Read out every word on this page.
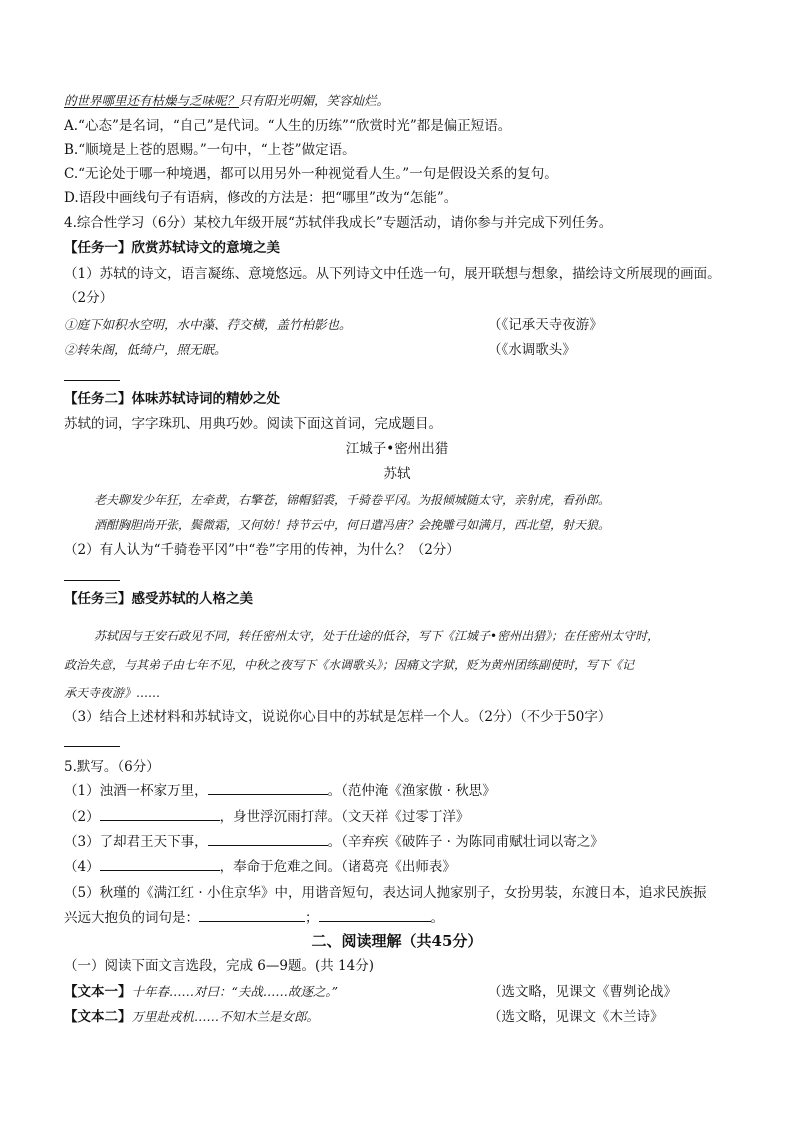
的世界哪里还有枯燥与乏味呢？只有阳光明媚，笑容灿烂。
A.“心态”是名词，“自己”是代词。“人生的历练”“欣赏时光”都是偏正短语。
B.“顺境是上苍的恩赐。”一句中，“上苍”做定语。
C.“无论处于哪一种境遇，都可以用另外一种视觉看人生。”一句是假设关系的复句。
D.语段中画线句子有语病，修改的方法是：把“哪里”改为“怎能”。
4.综合性学习（6分）某校九年级开展“苏轼伴我成长”专题活动，请你参与并完成下列任务。
【任务一】欣赏苏轼诗文的意境之美
（1）苏轼的诗文，语言凝练、意境悠远。从下列诗文中任选一句，展开联想与想象，描绘诗文所展现的画面。
（2分）
①庭下如积水空明，水中藻、荇交横，盖竹柏影也。	（《记承天寺夜游》
②转朱阁，低绮户，照无眠。	（《水调歌头》
【任务二】体味苏轼诗词的精妙之处
苏轼的词，字字珠玑、用典巧妙。阅读下面这首词，完成题目。
江城子•密州出猎
苏轼
老夫聊发少年狂，左牵黄，右擎苍，锦帽貂裘，千骑卷平冈。为报倾城随太守，亲射虎，看孙郎。
酒酣胸胆尚开张，鬓微霜，又何妨！持节云中，何日遣冯唐？会挽雕弓如满月，西北望，射天狼。
（2）有人认为“千骑卷平冈”中“卷”字用的传神，为什么？（2分）
【任务三】感受苏轼的人格之美
苏轼因与王安石政见不同，转任密州太守，处于仕途的低谷，写下《江城子•密州出猎》；在任密州太守时，
政治失意，与其弟子由七年不见，中秋之夜写下《水调歌头》；因痛文字狱，贬为黄州团练副使时，写下《记
承天寺夜游》……
（3）结合上述材料和苏轼诗文，说说你心目中的苏轼是怎样一个人。（2分）（不少于50字）
5.默写。（6分）
（1）浊酒一杯家万里，	。（范仲淹《渔家傲 · 秋思》
（2）	，身世浮沉雨打萍。（文天祥《过零丁洋》
（3）了却君王天下事，	。（辛弃疾《破阵子 · 为陈同甫赋壮词以寄之》
（4）	，奉命于危难之间。（诸葛亮《出师表》
（5）秋瑾的《满江红 · 小住京华》中，用谐音短句，表达词人抛家别子，女扮男装，东渡日本，追求民族振
兴远大抱负的词句是：	；	。
二、阅读理解（共45分）
（一）阅读下面文言选段，完成 6—9题。(共 14分)
【文本一】十年春……对曰：“夫战……故逐之。”	（选文略，见课文《曹刿论战》
【文本二】万里赴戎机……不知木兰是女郎。	（选文略，见课文《木兰诗》
